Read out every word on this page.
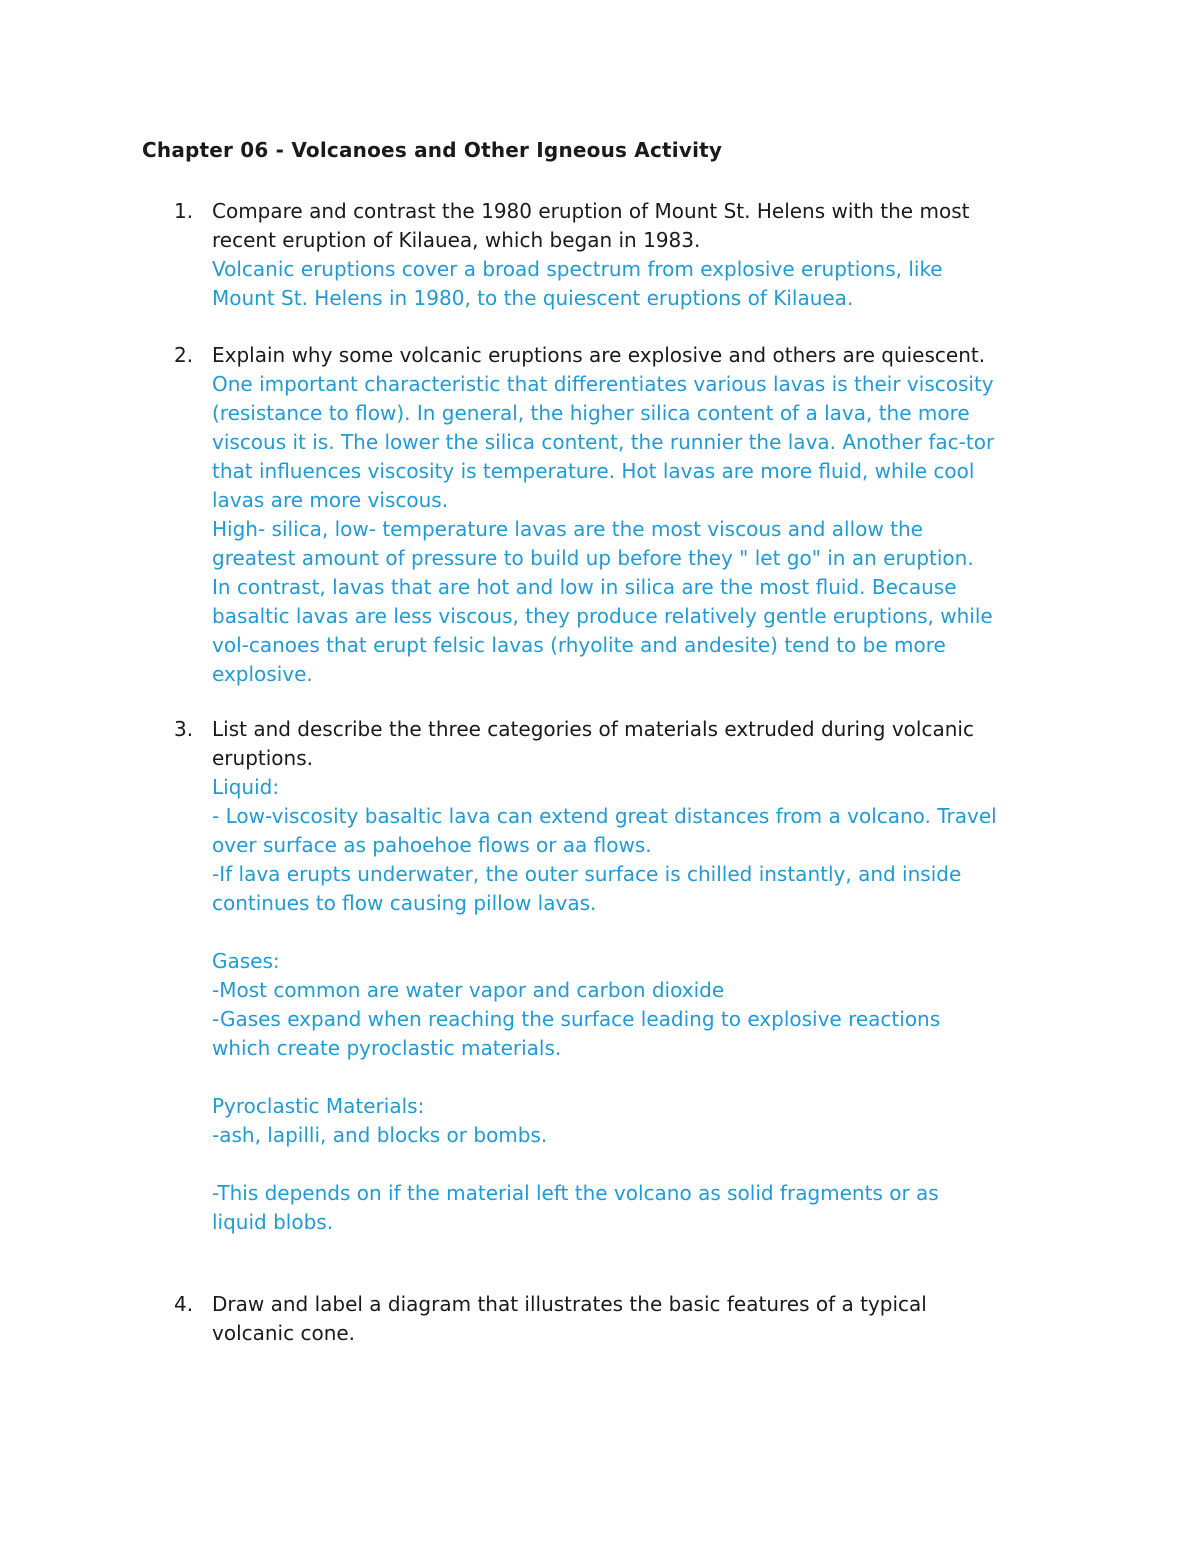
Chapter 06 - Volcanoes and Other Igneous Activity
1. Compare and contrast the 1980 eruption of Mount St. Helens with the most
recent eruption of Kilauea, which began in 1983.
Volcanic eruptions cover a broad spectrum from explosive eruptions, like
Mount St. Helens in 1980, to the quiescent eruptions of Kilauea.
2. Explain why some volcanic eruptions are explosive and others are quiescent.
One important characteristic that differentiates various lavas is their viscosity
(resistance to flow). In general, the higher silica content of a lava, the more
viscous it is. The lower the silica content, the runnier the lava. Another fac-tor
that influences viscosity is temperature. Hot lavas are more fluid, while cool
lavas are more viscous.
High- silica, low- temperature lavas are the most viscous and allow the
greatest amount of pressure to build up before they " let go" in an eruption.
In contrast, lavas that are hot and low in silica are the most fluid. Because
basaltic lavas are less viscous, they produce relatively gentle eruptions, while
vol-canoes that erupt felsic lavas (rhyolite and andesite) tend to be more
explosive.
3. List and describe the three categories of materials extruded during volcanic
eruptions.
Liquid:
- Low-viscosity basaltic lava can extend great distances from a volcano. Travel
over surface as pahoehoe flows or aa flows.
-If lava erupts underwater, the outer surface is chilled instantly, and inside
continues to flow causing pillow lavas.
Gases:
-Most common are water vapor and carbon dioxide
-Gases expand when reaching the surface leading to explosive reactions
which create pyroclastic materials.
Pyroclastic Materials:
-ash, lapilli, and blocks or bombs.
-This depends on if the material left the volcano as solid fragments or as
liquid blobs.
4. Draw and label a diagram that illustrates the basic features of a typical
volcanic cone.
